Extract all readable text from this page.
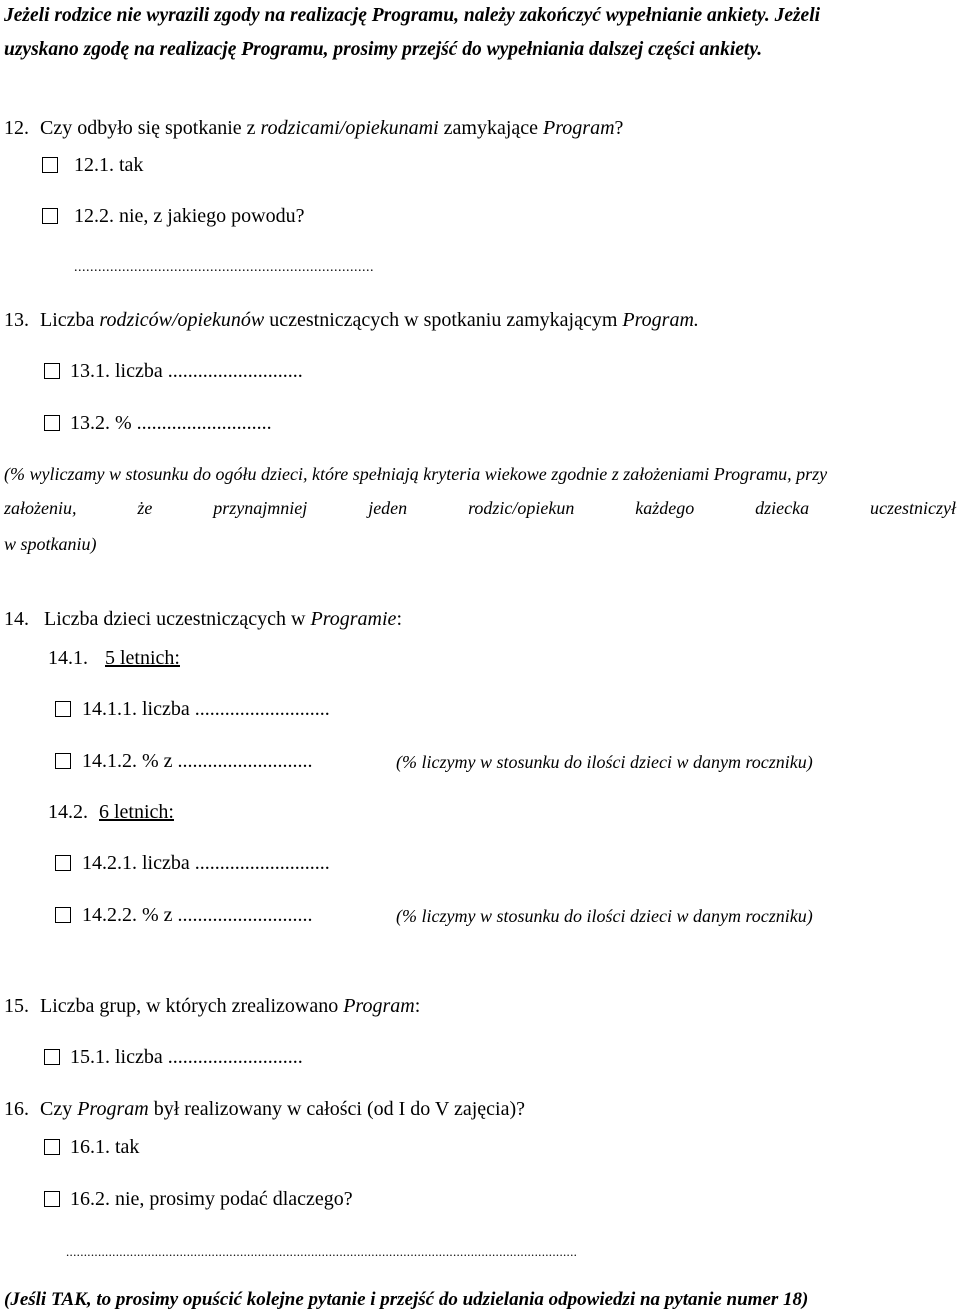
Jeżeli rodzice nie wyrazili zgody na realizację Programu, należy zakończyć wypełnianie ankiety. Jeżeli
uzyskano zgodę na realizację Programu, prosimy przejść do wypełniania dalszej części ankiety.
12. Czy odbyło się spotkanie z rodzicami/opiekunami zamykające Program?
12.1. tak
12.2. nie, z jakiego powodu?
...........................................................................
13. Liczba rodziców/opiekunów uczestniczących w spotkaniu zamykającym Program.
13.1. liczba ...........................
13.2. % ...........................
(% wyliczamy w stosunku do ogółu dzieci, które spełniają kryteria wiekowe zgodnie z założeniami Programu, przy
założeniu,	że	przynajmniej	jeden	rodzic/opiekun	każdego	dziecka	uczestniczył
w spotkaniu)
14. Liczba dzieci uczestniczących w Programie:
14.1. 5 letnich:
14.1.1. liczba ...........................
14.1.2. % z ...........................	(% liczymy w stosunku do ilości dzieci w danym roczniku)
14.2. 6 letnich:
14.2.1. liczba ...........................
14.2.2. % z ...........................	(% liczymy w stosunku do ilości dzieci w danym roczniku)
15. Liczba grup, w których zrealizowano Program:
15.1. liczba ...........................
16. Czy Program był realizowany w całości (od I do V zajęcia)?
16.1. tak
16.2. nie, prosimy podać dlaczego?
................................................................................................................................................
(Jeśli TAK, to prosimy opuścić kolejne pytanie i przejść do udzielania odpowiedzi na pytanie numer 18)
